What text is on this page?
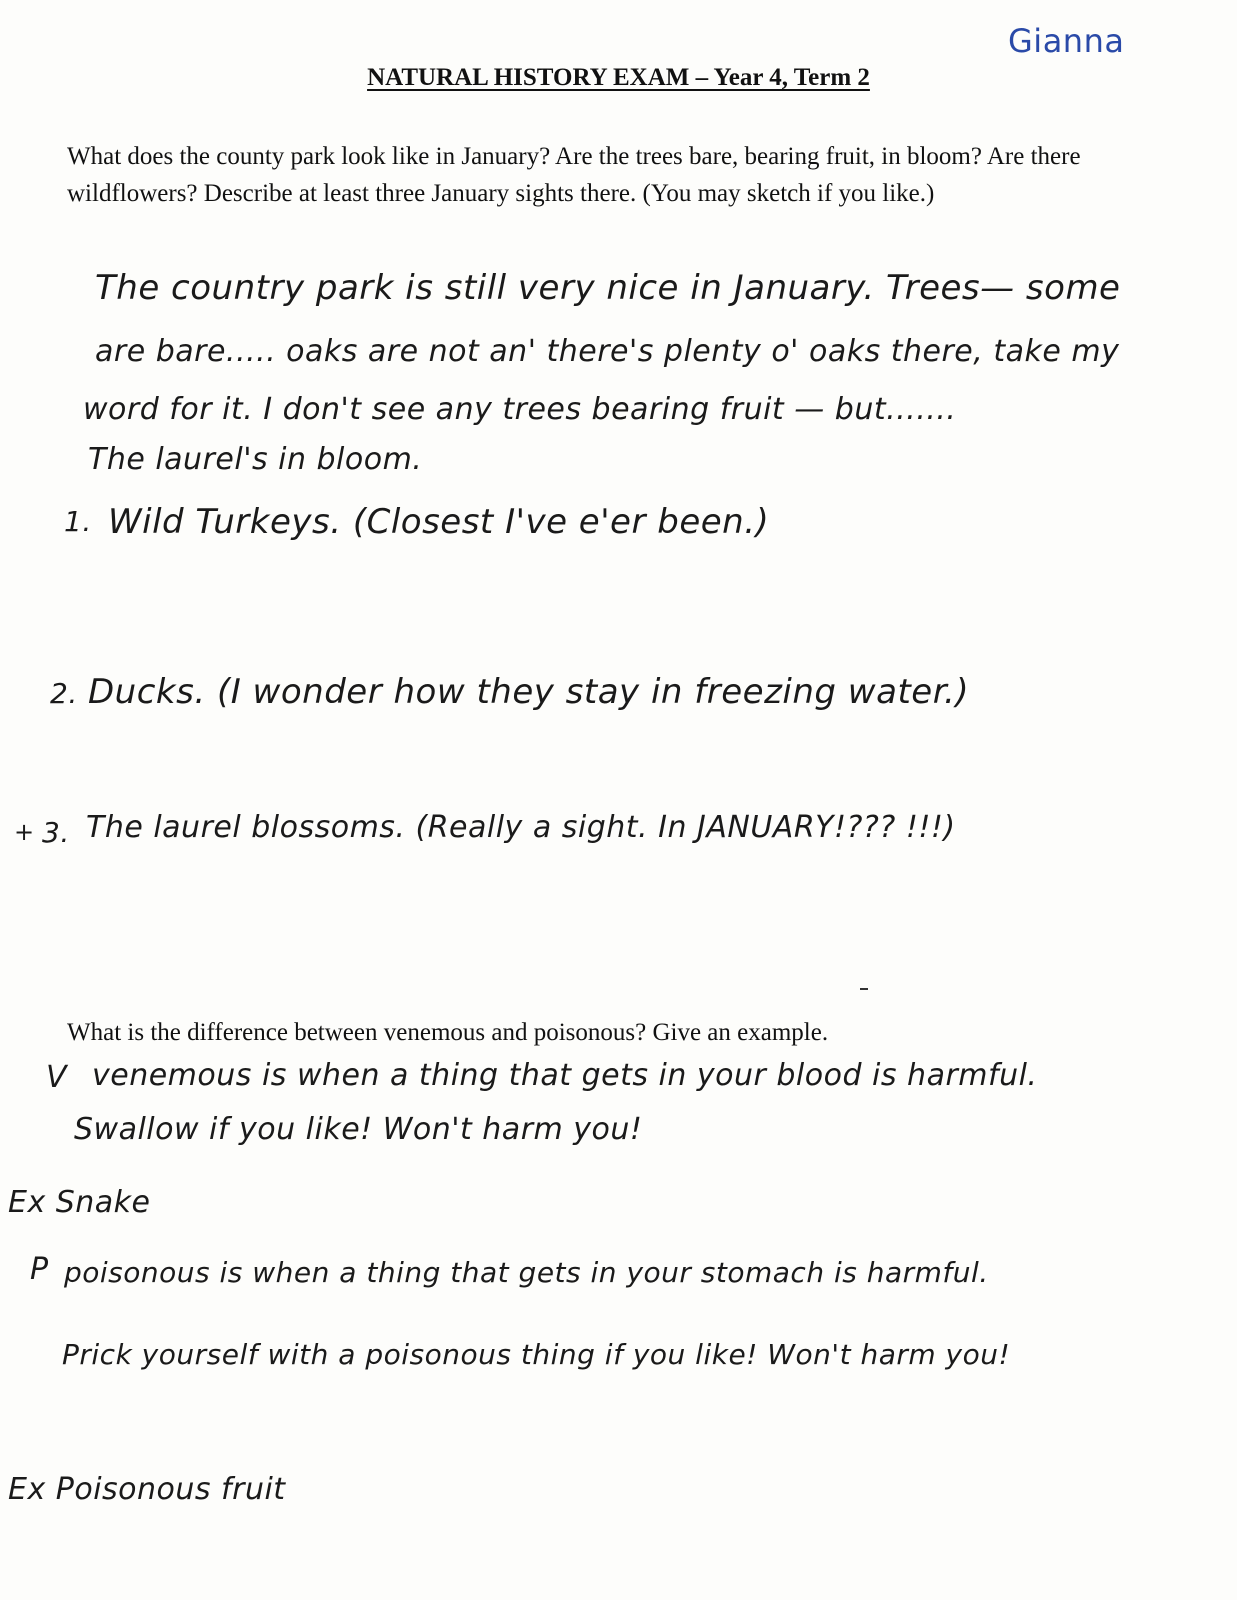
Gianna
NATURAL HISTORY EXAM – Year 4, Term 2
What does the county park look like in January? Are the trees bare, bearing fruit, in bloom? Are there wildflowers? Describe at least three January sights there. (You may sketch if you like.)
The country park is still very nice in January. Trees— some
are bare..... oaks are not an' there's plenty o' oaks there, take my
word for it. I don't see any trees bearing fruit — but.......
The laurel's in bloom.
1. Wild Turkeys. (Closest I've e'er been.)
2. Ducks. (I wonder how they stay in freezing water.)
+ 3. The laurel blossoms. (Really a sight. In JANUARY!??? !!!)
What is the difference between venemous and poisonous? Give an example.
V venemous is when a thing that gets in your blood is harmful.
Swallow if you like! Won't harm you!
Ex Snake
P poisonous is when a thing that gets in your stomach is harmful.
Prick yourself with a poisonous thing if you like! Won't harm you!
Ex Poisonous fruit
